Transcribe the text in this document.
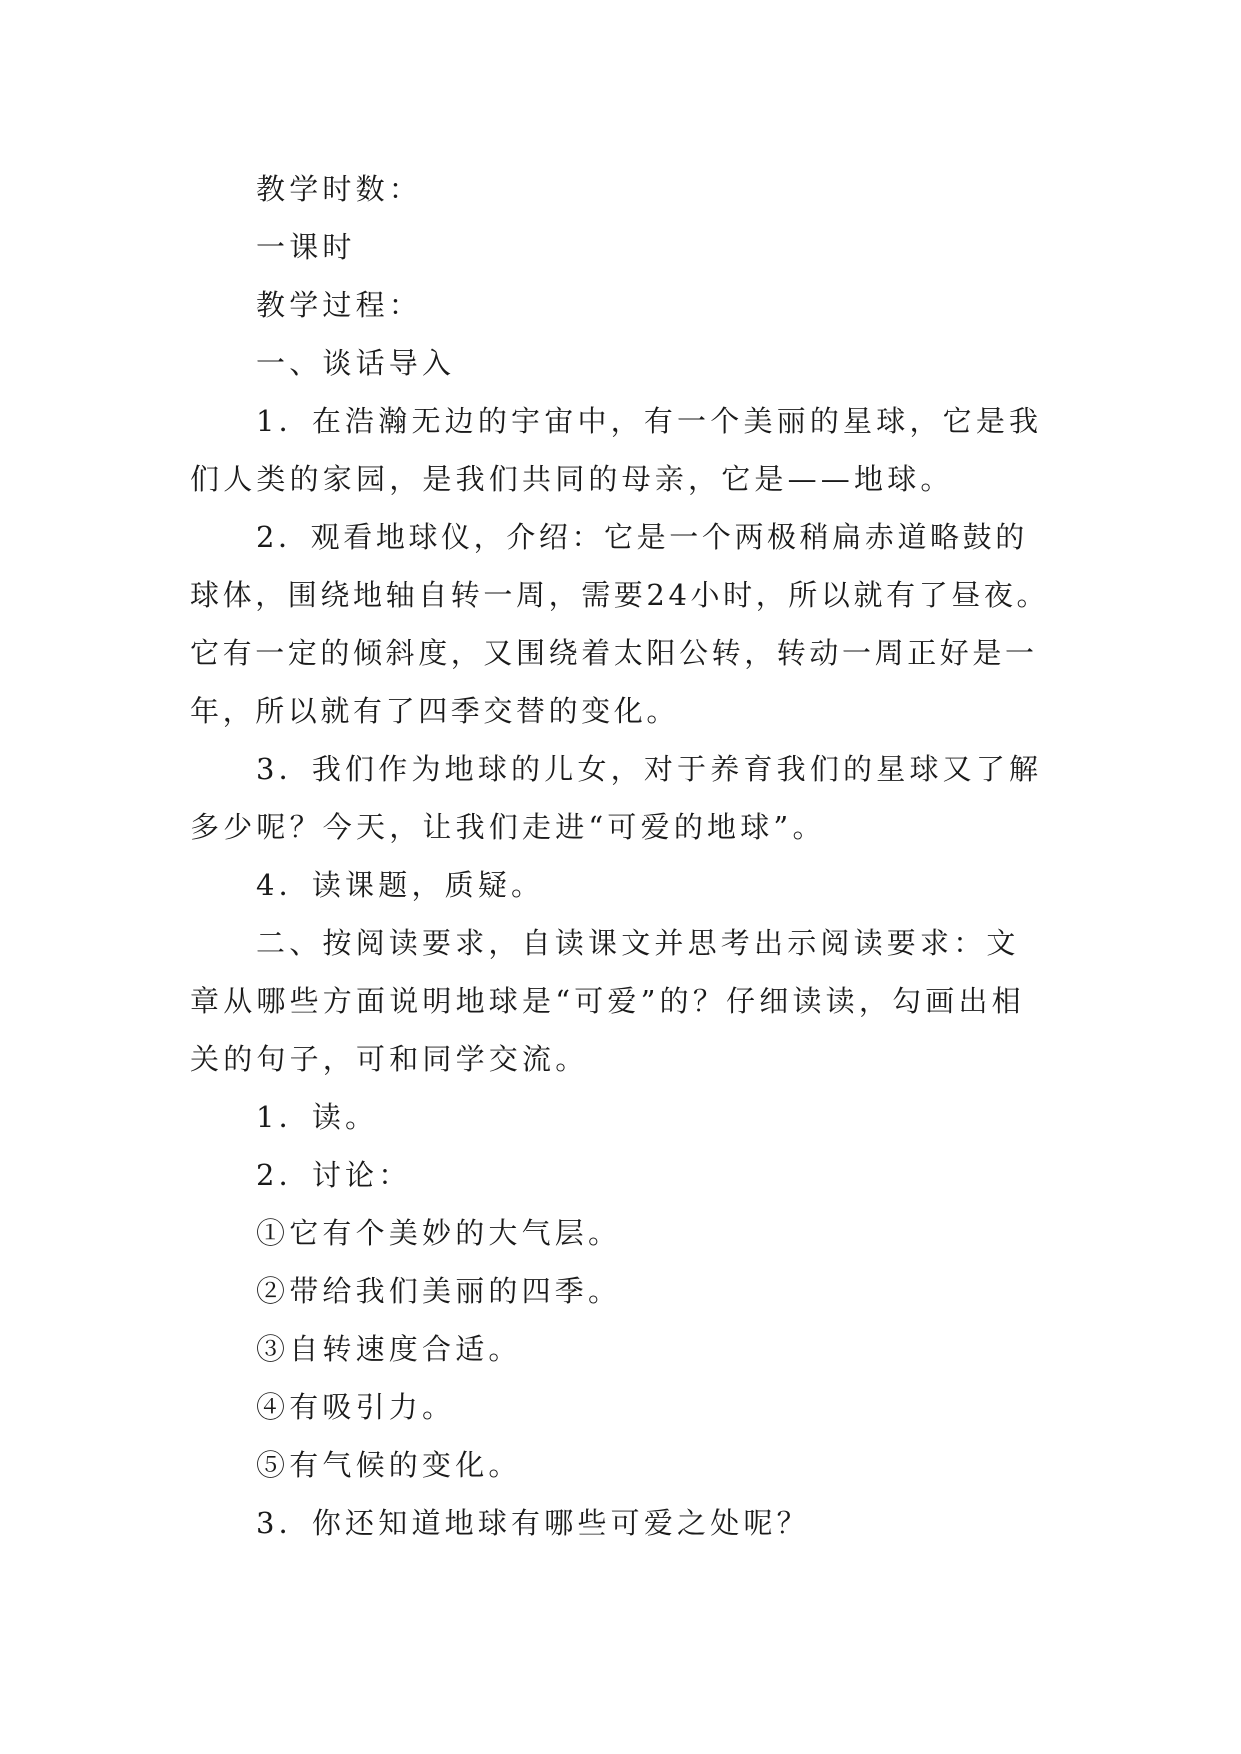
教学时数：

一课时

教学过程：

一、谈话导入

1．在浩瀚无边的宇宙中，有一个美丽的星球，它是我们人类的家园，是我们共同的母亲，它是——地球。

2．观看地球仪，介绍：它是一个两极稍扁赤道略鼓的球体，围绕地轴自转一周，需要24小时，所以就有了昼夜。它有一定的倾斜度，又围绕着太阳公转，转动一周正好是一年，所以就有了四季交替的变化。

3．我们作为地球的儿女，对于养育我们的星球又了解多少呢？今天，让我们走进“可爱的地球”。

4．读课题，质疑。

二、按阅读要求，自读课文并思考出示阅读要求：文章从哪些方面说明地球是“可爱”的？仔细读读，勾画出相关的句子，可和同学交流。

1．读。

2．讨论：

①它有个美妙的大气层。

②带给我们美丽的四季。

③自转速度合适。

④有吸引力。

⑤有气候的变化。

3．你还知道地球有哪些可爱之处呢？
